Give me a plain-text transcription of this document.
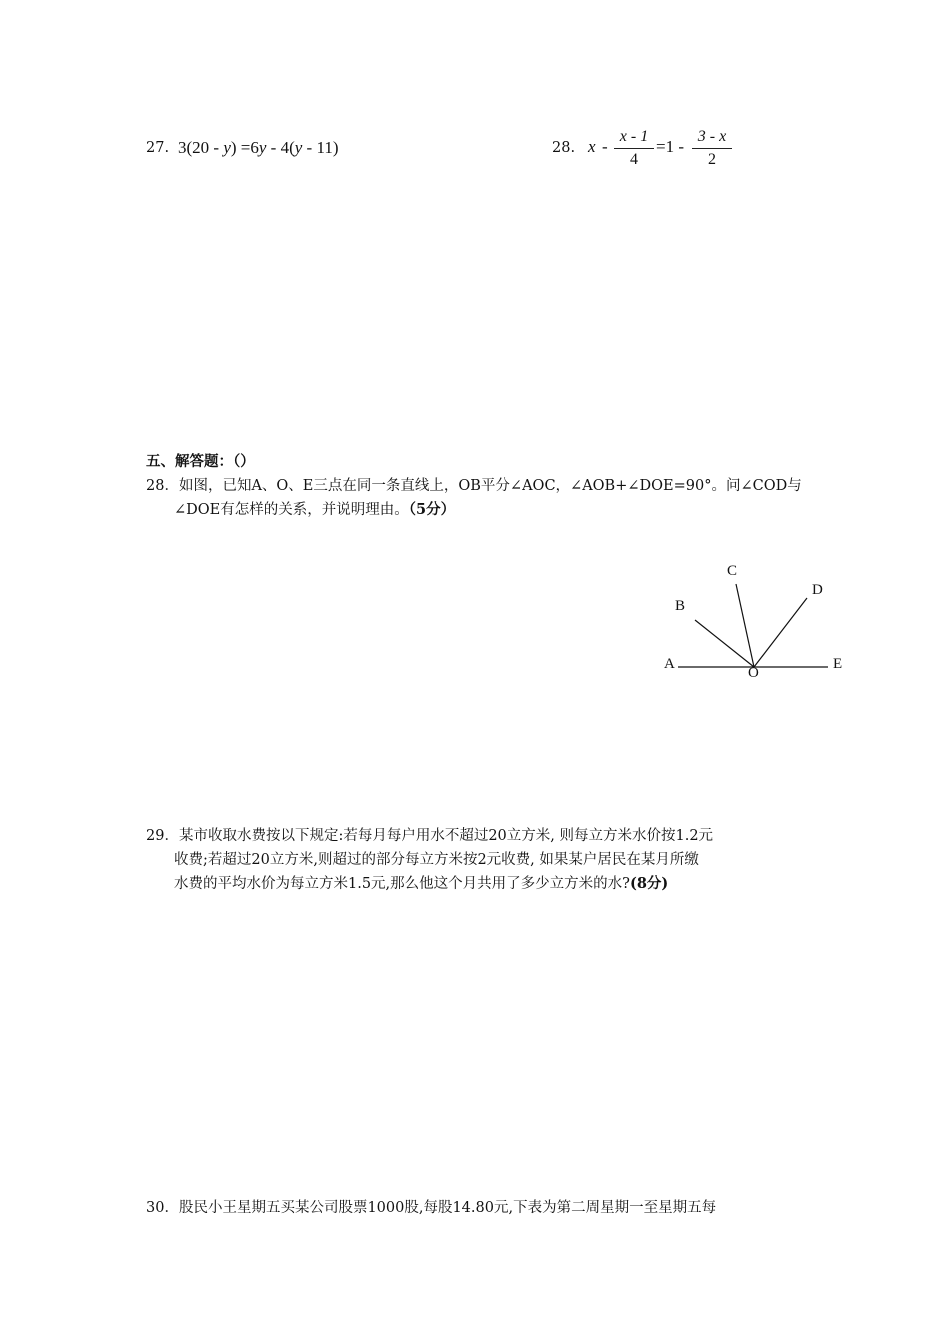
27. 3(20 - y) =6y - 4(y - 11)	28. x -
x - 1
4
=1 -
3 - x
2
五、解答题：（）
28．如图，已知A、O、E三点在同一条直线上，OB平分∠AOC，∠AOB+∠DOE=90°。问∠COD与
∠DOE有怎样的关系，并说明理由。（5分）
A
B
C
D
E
O
29．某市收取水费按以下规定:若每月每户用水不超过20立方米, 则每立方米水价按1.2元
收费;若超过20立方米,则超过的部分每立方米按2元收费, 如果某户居民在某月所缴
水费的平均水价为每立方米1.5元,那么他这个月共用了多少立方米的水?(8分)
30．股民小王星期五买某公司股票1000股,每股14.80元,下表为第二周星期一至星期五每
